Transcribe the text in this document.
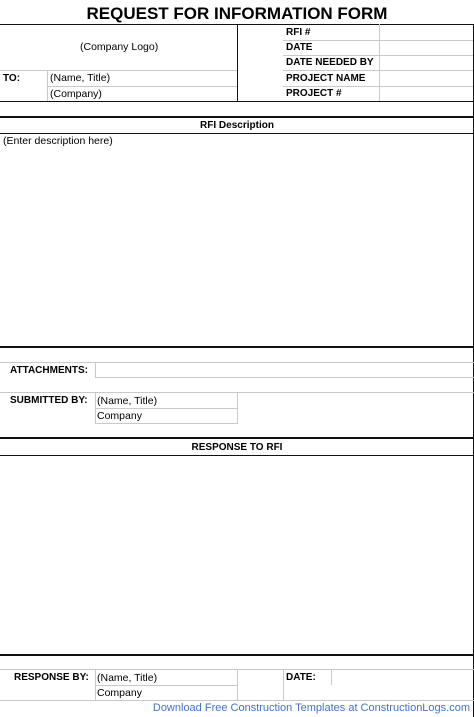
REQUEST FOR INFORMATION FORM
(Company Logo)
TO:	(Name, Title)
(Company)
RFI #
DATE
DATE NEEDED BY
PROJECT NAME
PROJECT #
RFI Description
(Enter description here)
ATTACHMENTS:
SUBMITTED BY: (Name, Title)
Company
RESPONSE TO RFI
RESPONSE BY: (Name, Title)
Company
DATE:
Download Free Construction Templates at ConstructionLogs.com
